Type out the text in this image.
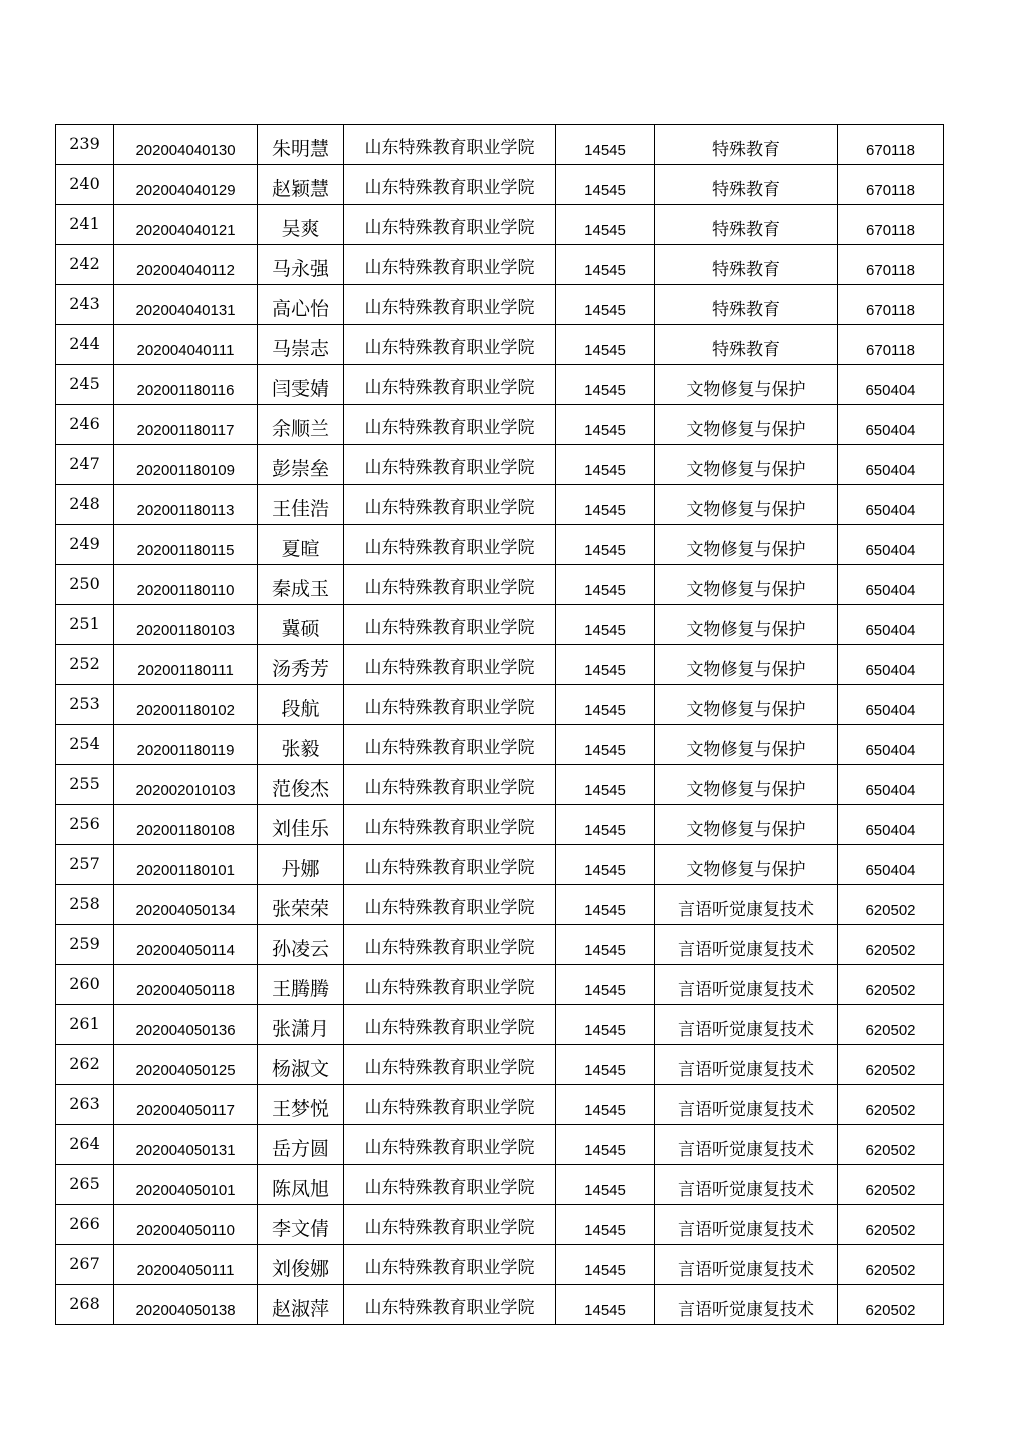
239	202004040130	朱明慧	山东特殊教育职业学院	14545	特殊教育	670118
240	202004040129	赵颖慧	山东特殊教育职业学院	14545	特殊教育	670118
241	202004040121	吴爽	山东特殊教育职业学院	14545	特殊教育	670118
242	202004040112	马永强	山东特殊教育职业学院	14545	特殊教育	670118
243	202004040131	高心怡	山东特殊教育职业学院	14545	特殊教育	670118
244	202004040111	马崇志	山东特殊教育职业学院	14545	特殊教育	670118
245	202001180116	闫雯婧	山东特殊教育职业学院	14545	文物修复与保护	650404
246	202001180117	余顺兰	山东特殊教育职业学院	14545	文物修复与保护	650404
247	202001180109	彭崇垒	山东特殊教育职业学院	14545	文物修复与保护	650404
248	202001180113	王佳浩	山东特殊教育职业学院	14545	文物修复与保护	650404
249	202001180115	夏暄	山东特殊教育职业学院	14545	文物修复与保护	650404
250	202001180110	秦成玉	山东特殊教育职业学院	14545	文物修复与保护	650404
251	202001180103	冀硕	山东特殊教育职业学院	14545	文物修复与保护	650404
252	202001180111	汤秀芳	山东特殊教育职业学院	14545	文物修复与保护	650404
253	202001180102	段航	山东特殊教育职业学院	14545	文物修复与保护	650404
254	202001180119	张毅	山东特殊教育职业学院	14545	文物修复与保护	650404
255	202002010103	范俊杰	山东特殊教育职业学院	14545	文物修复与保护	650404
256	202001180108	刘佳乐	山东特殊教育职业学院	14545	文物修复与保护	650404
257	202001180101	丹娜	山东特殊教育职业学院	14545	文物修复与保护	650404
258	202004050134	张荣荣	山东特殊教育职业学院	14545	言语听觉康复技术	620502
259	202004050114	孙凌云	山东特殊教育职业学院	14545	言语听觉康复技术	620502
260	202004050118	王腾腾	山东特殊教育职业学院	14545	言语听觉康复技术	620502
261	202004050136	张潇月	山东特殊教育职业学院	14545	言语听觉康复技术	620502
262	202004050125	杨淑文	山东特殊教育职业学院	14545	言语听觉康复技术	620502
263	202004050117	王梦悦	山东特殊教育职业学院	14545	言语听觉康复技术	620502
264	202004050131	岳方圆	山东特殊教育职业学院	14545	言语听觉康复技术	620502
265	202004050101	陈凤旭	山东特殊教育职业学院	14545	言语听觉康复技术	620502
266	202004050110	李文倩	山东特殊教育职业学院	14545	言语听觉康复技术	620502
267	202004050111	刘俊娜	山东特殊教育职业学院	14545	言语听觉康复技术	620502
268	202004050138	赵淑萍	山东特殊教育职业学院	14545	言语听觉康复技术	620502
